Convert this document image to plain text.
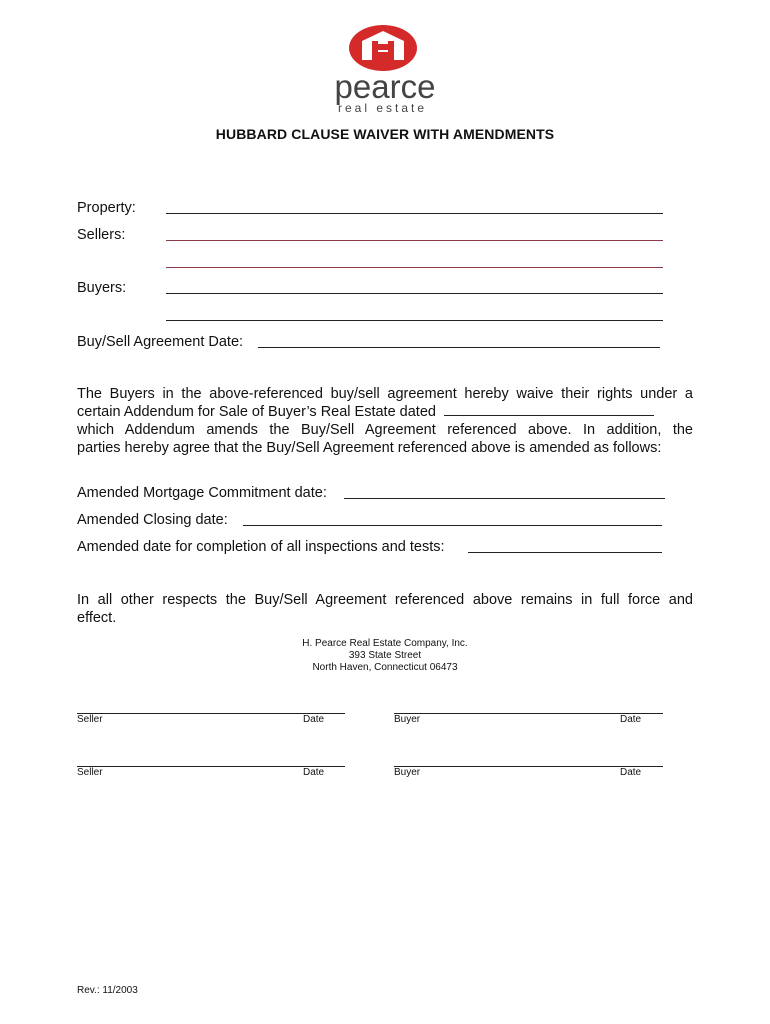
pearce
real estate
HUBBARD CLAUSE WAIVER WITH AMENDMENTS
Property:
Sellers:
Buyers:
Buy/Sell Agreement Date:
The Buyers in the above-referenced buy/sell agreement hereby waive their rights under a
certain Addendum for Sale of Buyer’s Real Estate dated
which Addendum amends the Buy/Sell Agreement referenced above. In addition, the
parties hereby agree that the Buy/Sell Agreement referenced above is amended as follows:
Amended Mortgage Commitment date:
Amended Closing date:
Amended date for completion of all inspections and tests:
In all other respects the Buy/Sell Agreement referenced above remains in full force and
effect.
H. Pearce Real Estate Company, Inc.
393 State Street
North Haven, Connecticut 06473
Seller	Date	Buyer	Date
Seller	Date	Buyer	Date
Rev.: 11/2003
